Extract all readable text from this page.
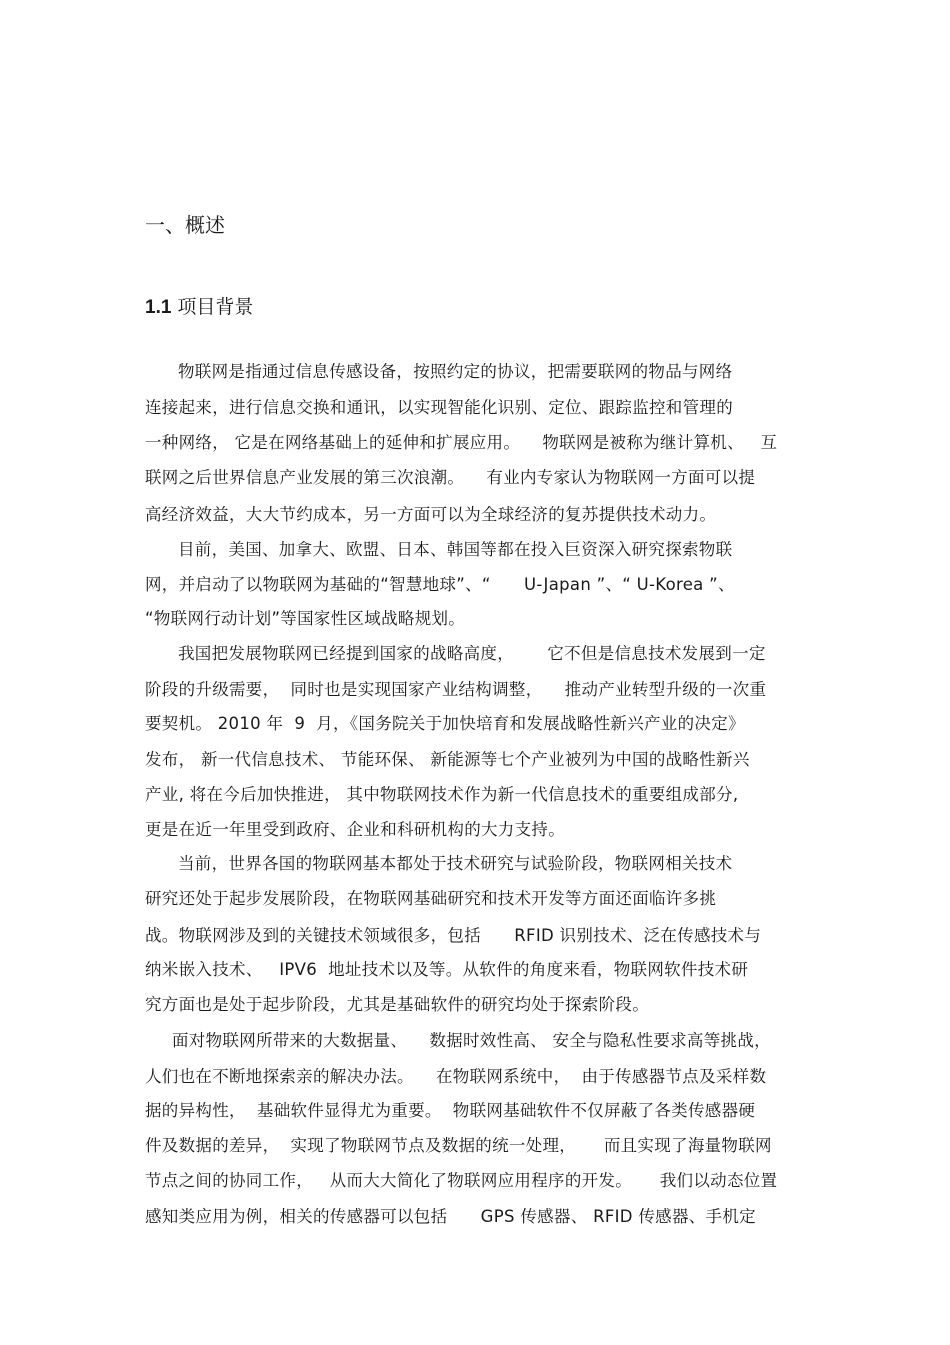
一、概述
1.1 项目背景
物联网是指通过信息传感设备，按照约定的协议，把需要联网的物品与网络
连接起来，进行信息交换和通讯，以实现智能化识别、定位、跟踪监控和管理的
一种网络， 它是在网络基础上的延伸和扩展应用。    物联网是被称为继计算机、   互
联网之后世界信息产业发展的第三次浪潮。    有业内专家认为物联网一方面可以提
高经济效益，大大节约成本，另一方面可以为全球经济的复苏提供技术动力。
目前，美国、加拿大、欧盟、日本、韩国等都在投入巨资深入研究探索物联
网，并启动了以物联网为基础的“智慧地球”、“      U-Japan ”、“ U-Korea ”、
“物联网行动计划”等国家性区域战略规划。
我国把发展物联网已经提到国家的战略高度，      它不但是信息技术发展到一定
阶段的升级需要，  同时也是实现国家产业结构调整，    推动产业转型升级的一次重
要契机。 2010 年  9  月，《国务院关于加快培育和发展战略性新兴产业的决定》
发布， 新一代信息技术、 节能环保、 新能源等七个产业被列为中国的战略性新兴
产业, 将在今后加快推进， 其中物联网技术作为新一代信息技术的重要组成部分,
更是在近一年里受到政府、企业和科研机构的大力支持。
当前，世界各国的物联网基本都处于技术研究与试验阶段，物联网相关技术
研究还处于起步发展阶段，在物联网基础研究和技术开发等方面还面临许多挑
战。物联网涉及到的关键技术领域很多，包括      RFID 识别技术、泛在传感技术与
纳米嵌入技术、   IPV6  地址技术以及等。从软件的角度来看，物联网软件技术研
究方面也是处于起步阶段，尤其是基础软件的研究均处于探索阶段。
面对物联网所带来的大数据量、    数据时效性高、 安全与隐私性要求高等挑战，
人们也在不断地探索亲的解决办法。    在物联网系统中，  由于传感器节点及采样数
据的异构性，  基础软件显得尤为重要。  物联网基础软件不仅屏蔽了各类传感器硬
件及数据的差异，  实现了物联网节点及数据的统一处理，     而且实现了海量物联网
节点之间的协同工作，   从而大大简化了物联网应用程序的开发。     我们以动态位置
感知类应用为例，相关的传感器可以包括      GPS 传感器、 RFID 传感器、手机定
